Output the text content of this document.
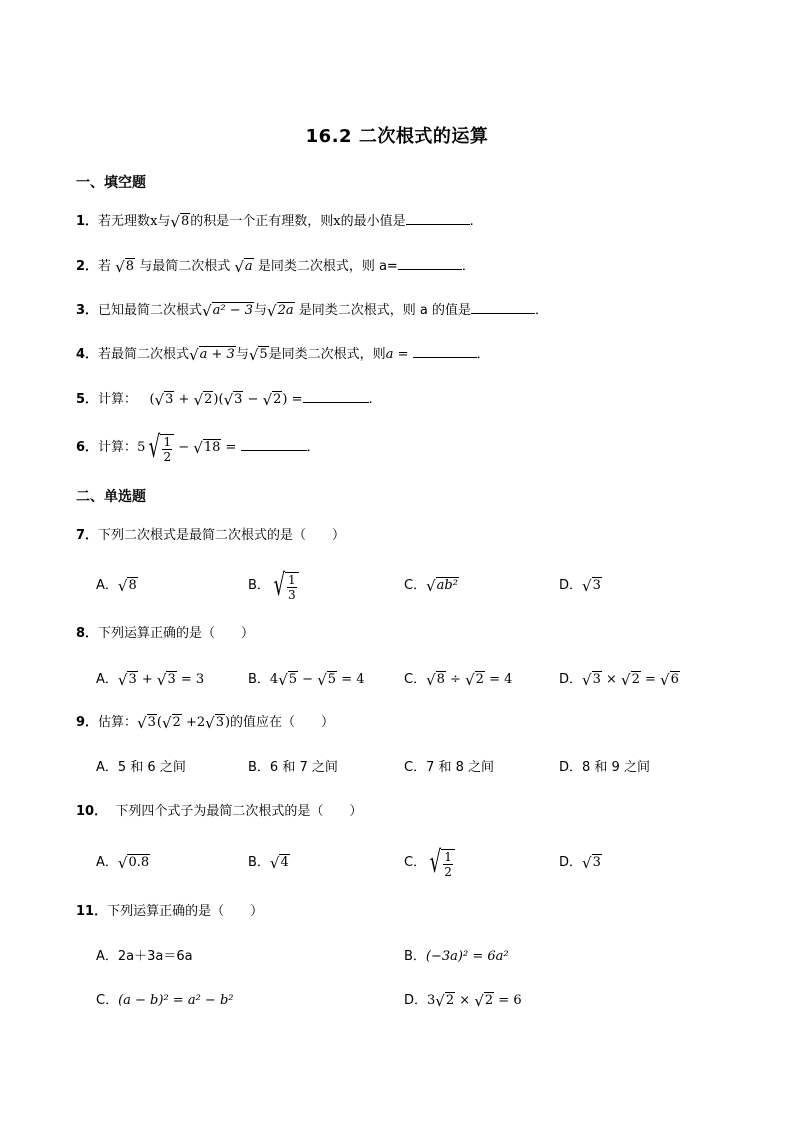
16.2 二次根式的运算
一、填空题
1．若无理数x与 √ 8 的积是一个正有理数，则x的最小值是	.
2．若 √ 8 与最简二次根式 √ a 是同类二次根式，则 a=	．
3．已知最简二次根式 √ a² − 3 与 √ 2a 是同类二次根式，则 a 的值是	．
4．若最简二次根式 √ a + 3 与 √ 5 是同类二次根式，则a =	．
5．计算： ( √ 3 + √ 2 )( √ 3 − √ 2 ) =	.
6．计算：5 √ $\frac{1}{2}$ − √ 18 =	．
二、单选题
7．下列二次根式是最简二次根式的是（　　）
A． √ 8	B． √ $\frac{1}{3}$	C． √ ab²	D． √ 3
8．下列运算正确的是（　　）
A． √ 3 + √ 3 = 3	B．4 √ 5 − √ 5 = 4	C． √ 8 ÷ √ 2 = 4	D． √ 3 × √ 2 = √ 6
9．估算： √ 3 ( √ 2 +2 √ 3 )的值应在（　　）
A．5 和 6 之间	B．6 和 7 之间	C．7 和 8 之间	D．8 和 9 之间
10． 下列四个式子为最简二次根式的是（　　）
A． √ 0.8	B． √ 4	C． √ $\frac{1}{2}$	D． √ 3
11．下列运算正确的是（　　）
A．2a＋3a＝6a	B．(−3a)² = 6a²
C．(a − b)² = a² − b²	D．3 √ 2 × √ 2 = 6
